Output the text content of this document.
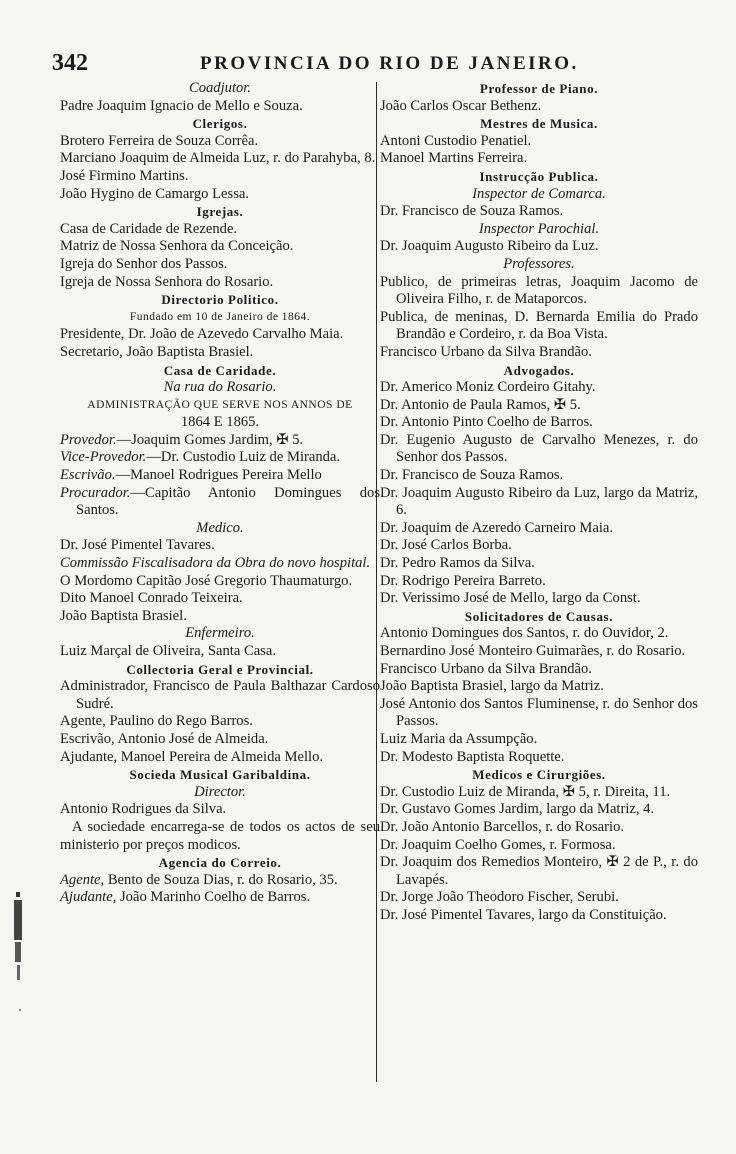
342	PROVINCIA DO RIO DE JANEIRO.
Coadjutor.
Padre Joaquim Ignacio de Mello e Souza.
Clerigos.
Brotero Ferreira de Souza Corrêa.
Marciano Joaquim de Almeida Luz, r. do Parahyba, 8.
José Firmino Martins.
João Hygino de Camargo Lessa.
Igrejas.
Casa de Caridade de Rezende.
Matriz de Nossa Senhora da Conceição.
Igreja do Senhor dos Passos.
Igreja de Nossa Senhora do Rosario.
Directorio Politico.
Fundado em 10 de Janeiro de 1864.
Presidente, Dr. João de Azevedo Carvalho Maia.
Secretario, João Baptista Brasiel.
Casa de Caridade.
Na rua do Rosario.
ADMINISTRAÇÃO QUE SERVE NOS ANNOS DE
1864 E 1865.
Provedor.—Joaquim Gomes Jardim, ✠ 5.
Vice-Provedor.—Dr. Custodio Luiz de Miranda.
Escrivão.—Manoel Rodrigues Pereira Mello
Procurador.—Capitão Antonio Domingues dos Santos.
Medico.
Dr. José Pimentel Tavares.
Commissão Fiscalisadora da Obra do novo hospital.
O Mordomo Capitão José Gregorio Thaumaturgo.
Dito Manoel Conrado Teixeira.
João Baptista Brasiel.
Enfermeiro.
Luiz Marçal de Oliveira, Santa Casa.
Collectoria Geral e Provincial.
Administrador, Francisco de Paula Balthazar Cardoso Sudré.
Agente, Paulino do Rego Barros.
Escrivão, Antonio José de Almeida.
Ajudante, Manoel Pereira de Almeida Mello.
Socieda Musical Garibaldina.
Director.
Antonio Rodrigues da Silva.
A sociedade encarrega-se de todos os actos de seu ministerio por preços modicos.
Agencia do Correio.
Agente, Bento de Souza Dias, r. do Rosario, 35.
Ajudante, João Marinho Coelho de Barros.
Professor de Piano.
João Carlos Oscar Bethenz.
Mestres de Musica.
Antoni Custodio Penatiel.
Manoel Martins Ferreira.
Instrucção Publica.
Inspector de Comarca.
Dr. Francisco de Souza Ramos.
Inspector Parochial.
Dr. Joaquim Augusto Ribeiro da Luz.
Professores.
Publico, de primeiras letras, Joaquim Jacomo de Oliveira Filho, r. de Mataporcos.
Publica, de meninas, D. Bernarda Emilia do Prado Brandão e Cordeiro, r. da Boa Vista.
Francisco Urbano da Silva Brandão.
Advogados.
Dr. Americo Moniz Cordeiro Gitahy.
Dr. Antonio de Paula Ramos, ✠ 5.
Dr. Antonio Pinto Coelho de Barros.
Dr. Eugenio Augusto de Carvalho Menezes, r. do Senhor dos Passos.
Dr. Francisco de Souza Ramos.
Dr. Joaquim Augusto Ribeiro da Luz, largo da Matriz, 6.
Dr. Joaquim de Azeredo Carneiro Maia.
Dr. José Carlos Borba.
Dr. Pedro Ramos da Silva.
Dr. Rodrigo Pereira Barreto.
Dr. Verissimo José de Mello, largo da Const.
Solicitadores de Causas.
Antonio Domingues dos Santos, r. do Ouvidor, 2.
Bernardino José Monteiro Guimarães, r. do Rosario.
Francisco Urbano da Silva Brandão.
João Baptista Brasiel, largo da Matriz.
José Antonio dos Santos Fluminense, r. do Senhor dos Passos.
Luiz Maria da Assumpção.
Dr. Modesto Baptista Roquette.
Medicos e Cirurgiões.
Dr. Custodio Luiz de Miranda, ✠ 5, r. Direita, 11.
Dr. Gustavo Gomes Jardim, largo da Matriz, 4.
Dr. João Antonio Barcellos, r. do Rosario.
Dr. Joaquim Coelho Gomes, r. Formosa.
Dr. Joaquim dos Remedios Monteiro, ✠ 2 de P., r. do Lavapés.
Dr. Jorge João Theodoro Fischer, Serubi.
Dr. José Pimentel Tavares, largo da Constituição.
